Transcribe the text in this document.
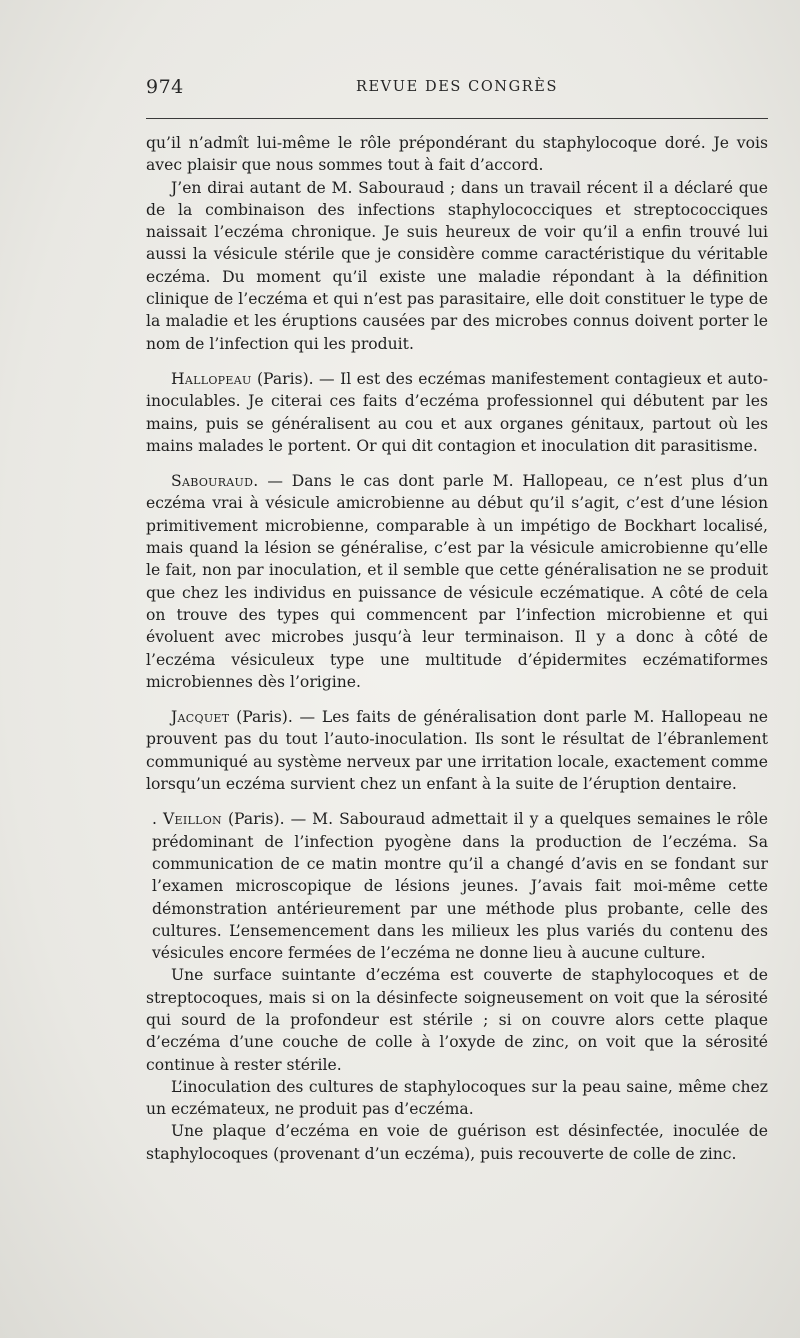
974	REVUE DES CONGRÈS

qu’il n’admît lui-même le rôle prépondérant du staphylocoque doré. Je vois avec plaisir que nous sommes tout à fait d’accord.

J’en dirai autant de M. Sabouraud ; dans un travail récent il a déclaré que de la combinaison des infections staphylococciques et streptococciques naissait l’eczéma chronique. Je suis heureux de voir qu’il a enfin trouvé lui aussi la vésicule stérile que je considère comme caractéristique du véritable eczéma. Du moment qu’il existe une maladie répondant à la définition clinique de l’eczéma et qui n’est pas parasitaire, elle doit constituer le type de la maladie et les éruptions causées par des microbes connus doivent porter le nom de l’infection qui les produit.

Hallopeau (Paris). — Il est des eczémas manifestement contagieux et auto-inoculables. Je citerai ces faits d’eczéma professionnel qui débutent par les mains, puis se généralisent au cou et aux organes génitaux, partout où les mains malades le portent. Or qui dit contagion et inoculation dit parasitisme.

Sabouraud. — Dans le cas dont parle M. Hallopeau, ce n’est plus d’un eczéma vrai à vésicule amicrobienne au début qu’il s’agit, c’est d’une lésion primitivement microbienne, comparable à un impétigo de Bockhart localisé, mais quand la lésion se généralise, c’est par la vésicule amicrobienne qu’elle le fait, non par inoculation, et il semble que cette généralisation ne se produit que chez les individus en puissance de vésicule eczématique. A côté de cela on trouve des types qui commencent par l’infection microbienne et qui évoluent avec microbes jusqu’à leur terminaison. Il y a donc à côté de l’eczéma vésiculeux type une multitude d’épidermites eczématiformes microbiennes dès l’origine.

Jacquet (Paris). — Les faits de généralisation dont parle M. Hallopeau ne prouvent pas du tout l’auto-inoculation. Ils sont le résultat de l’ébranlement communiqué au système nerveux par une irritation locale, exactement comme lorsqu’un eczéma survient chez un enfant à la suite de l’éruption dentaire.

. Veillon (Paris). — M. Sabouraud admettait il y a quelques semaines le rôle prédominant de l’infection pyogène dans la production de l’eczéma. Sa communication de ce matin montre qu’il a changé d’avis en se fondant sur l’examen microscopique de lésions jeunes. J’avais fait moi-même cette démonstration antérieurement par une méthode plus probante, celle des cultures. L’ensemencement dans les milieux les plus variés du contenu des vésicules encore fermées de l’eczéma ne donne lieu à aucune culture.

Une surface suintante d’eczéma est couverte de staphylocoques et de streptocoques, mais si on la désinfecte soigneusement on voit que la sérosité qui sourd de la profondeur est stérile ; si on couvre alors cette plaque d’eczéma d’une couche de colle à l’oxyde de zinc, on voit que la sérosité continue à rester stérile.

L’inoculation des cultures de staphylocoques sur la peau saine, même chez un eczémateux, ne produit pas d’eczéma.

Une plaque d’eczéma en voie de guérison est désinfectée, inoculée de staphylocoques (provenant d’un eczéma), puis recouverte de colle de zinc.
